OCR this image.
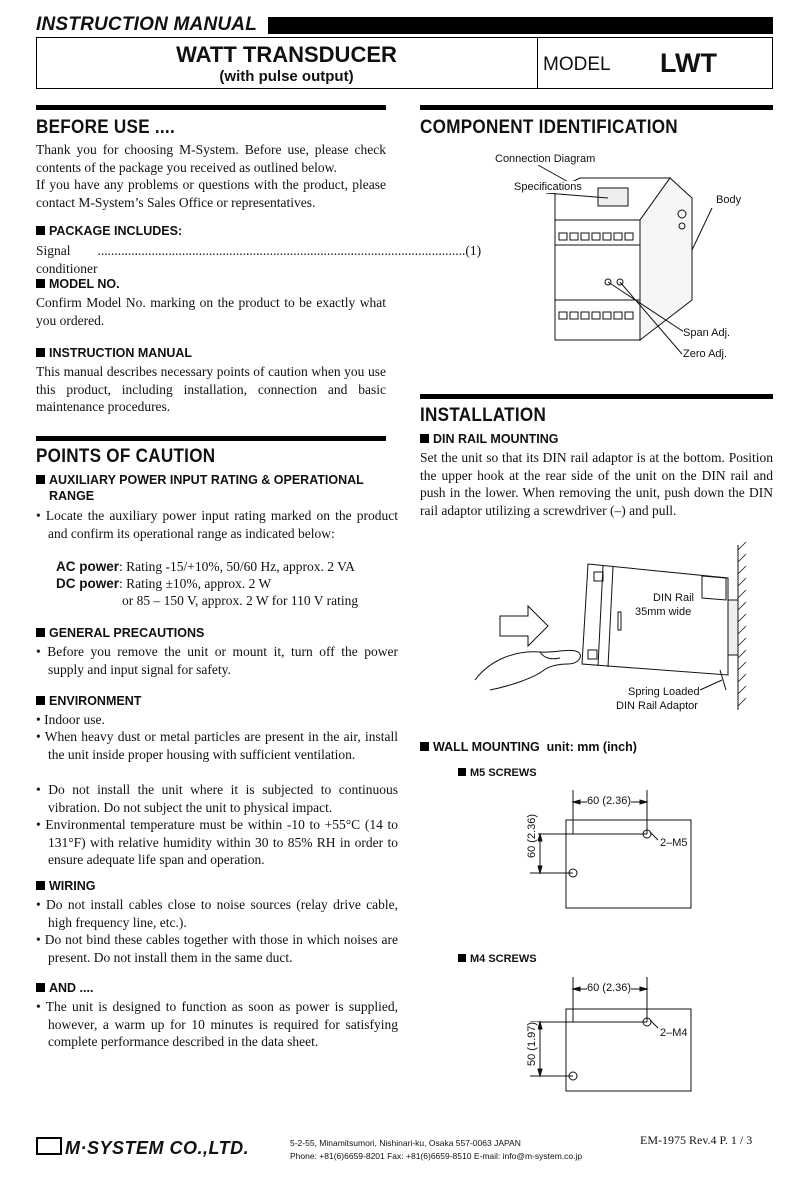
INSTRUCTION MANUAL
WATT TRANSDUCER
(with pulse output)
MODEL LWT
BEFORE USE ....
Thank you for choosing M-System. Before use, please check contents of the package you received as outlined below.
If you have any problems or questions with the product, please contact M-System’s Sales Office or representatives.
PACKAGE INCLUDES:
Signal conditioner
............................................................................................................. (1)
MODEL NO.
Confirm Model No. marking on the product to be exactly what you ordered.
INSTRUCTION MANUAL
This manual describes necessary points of caution when you use this product, including installation, connection and basic maintenance procedures.
POINTS OF CAUTION
AUXILIARY POWER INPUT RATING & OPERATIONAL
RANGE
• Locate the auxiliary power input rating marked on the product and confirm its operational range as indicated below:
AC power: Rating -15/+10%, 50/60 Hz, approx. 2 VA
DC power: Rating ±10%, approx. 2 W
or 85 – 150 V, approx. 2 W for 110 V rating
GENERAL PRECAUTIONS
• Before you remove the unit or mount it, turn off the power supply and input signal for safety.
ENVIRONMENT
• Indoor use.
• When heavy dust or metal particles are present in the air, install the unit inside proper housing with sufficient ventilation.
• Do not install the unit where it is subjected to continuous vibration. Do not subject the unit to physical impact.
• Environmental temperature must be within -10 to +55°C (14 to 131°F) with relative humidity within 30 to 85% RH in order to ensure adequate life span and operation.
WIRING
• Do not install cables close to noise sources (relay drive cable, high frequency line, etc.).
• Do not bind these cables together with those in which noises are present. Do not install them in the same duct.
AND ....
• The unit is designed to function as soon as power is supplied, however, a warm up for 10 minutes is required for satisfying complete performance described in the data sheet.
COMPONENT IDENTIFICATION
Connection Diagram
Specifications
Body
Span Adj.
Zero Adj.
INSTALLATION
DIN RAIL MOUNTING
Set the unit so that its DIN rail adaptor is at the bottom. Position the upper hook at the rear side of the unit on the DIN rail and push in the lower. When removing the unit, push down the DIN rail adaptor utilizing a screwdriver (–) and pull.
DIN Rail
35mm wide
Spring Loaded
DIN Rail Adaptor
WALL MOUNTING unit: mm (inch)
M5 SCREWS
60 (2.36)
60 (2.36)	2–M5
M4 SCREWS
60 (2.36)
50 (1.97)	2–M4
M·SYSTEM CO.,LTD.	5-2-55, Minamitsumori, Nishinari-ku, Osaka 557-0063 JAPAN
Phone: +81(6)6659-8201 Fax: +81(6)6659-8510 E-mail: info@m-system.co.jp
EM-1975 Rev.4 P. 1 / 3
